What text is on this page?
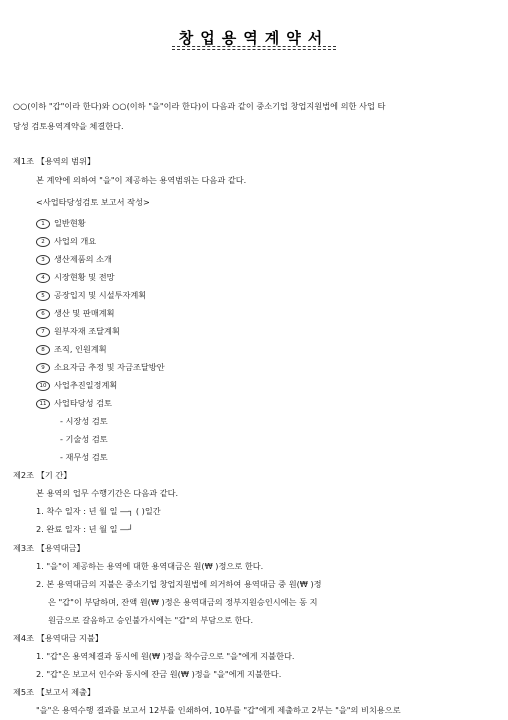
창업용역계약서
○○(이하 "갑"이라 한다)와 ○○(이하 "을"이라 한다)이 다음과 같이 중소기업 창업지원법에 의한 사업 타
당성 검토용역계약을 체결한다.
제1조 【용역의 범위】
본 계약에 의하여 "을"이 제공하는 용역범위는 다음과 같다.
<사업타당성검토 보고서 작성>
1 일반현황
2 사업의 개요
3 생산제품의 소개
4 시장현황 및 전망
5 공장입지 및 시설투자계획
6 생산 및 판매계획
7 원부자재 조달계획
8 조직, 인원계획
9 소요자금 추정 및 자금조달방안
10 사업추진일정계획
11 사업타당성 검토
- 시장성 검토
- 기술성 검토
- 재무성 검토
제2조 【기 간】
본 용역의 업무 수행기간은 다음과 같다.
1. 착수 일자 : 년 월 일 ―┐ ( )일간
2. 완료 일자 : 년 월 일 ―┘
제3조 【용역대금】
1. "을"이 제공하는 용역에 대한 용역대금은 원(₩ )정으로 한다.
2. 본 용역대금의 지불은 중소기업 창업지원법에 의거하여 용역대금 중 원(₩ )정
은 "갑"이 부담하며, 잔액 원(₩ )정은 용역대금의 정부지원승인시에는 동 지
원금으로 갈음하고 승인불가시에는 "갑"의 부담으로 한다.
제4조 【용역대금 지불】
1. "갑"은 용역체결과 동시에 원(₩ )정을 착수금으로 "을"에게 지불한다.
2. "갑"은 보고서 인수와 동시에 잔금 원(₩ )정을 "을"에게 지불한다.
제5조 【보고서 제출】
"을"은 용역수행 결과를 보고서 12부를 인쇄하여, 10부를 "갑"에게 제출하고 2부는 "을"의 비치용으로
